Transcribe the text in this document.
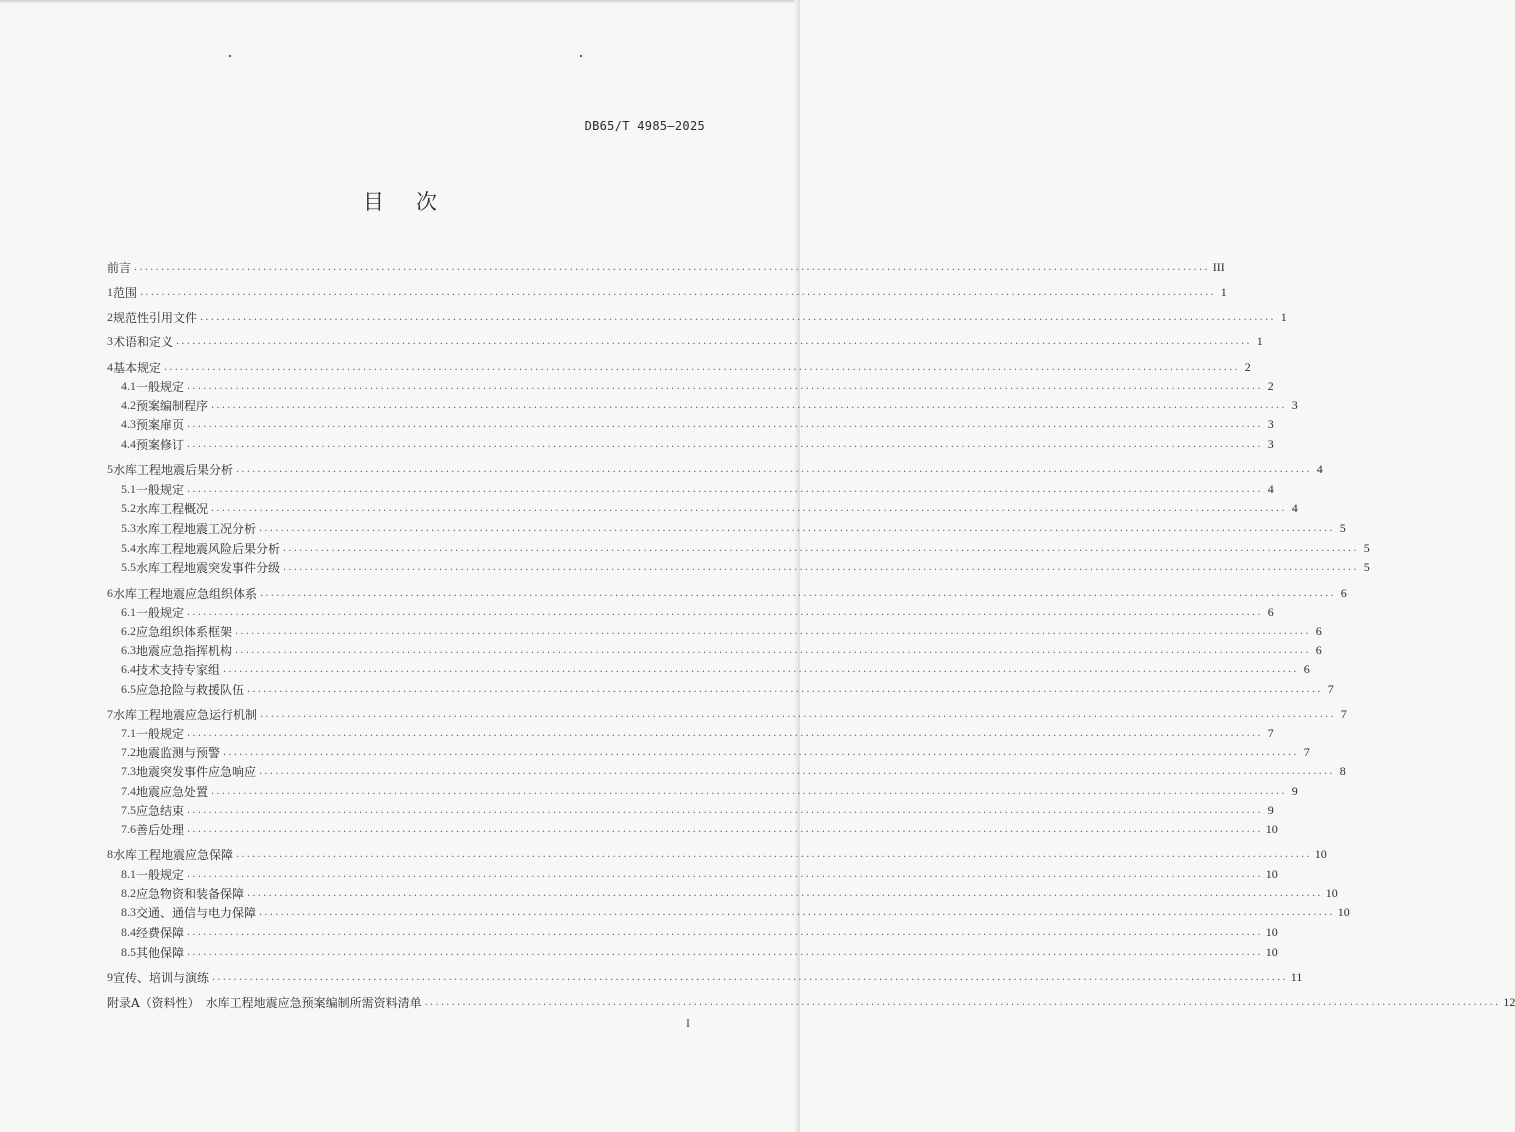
DB65/T 4985—2025
目次
前言 ........................................................................................................................................................................................................ III
1 范围 ........................................................................................................................................................................................................ 1
2 规范性引用文件 ........................................................................................................................................................................................................ 1
3 术语和定义 ........................................................................................................................................................................................................ 1
4 基本规定 ........................................................................................................................................................................................................ 2
4.1 一般规定 ........................................................................................................................................................................................................ 2
4.2 预案编制程序 ........................................................................................................................................................................................................ 3
4.3 预案扉页 ........................................................................................................................................................................................................ 3
4.4 预案修订 ........................................................................................................................................................................................................ 3
5 水库工程地震后果分析 ........................................................................................................................................................................................................ 4
5.1 一般规定 ........................................................................................................................................................................................................ 4
5.2 水库工程概况 ........................................................................................................................................................................................................ 4
5.3 水库工程地震工况分析 ........................................................................................................................................................................................................ 5
5.4 水库工程地震风险后果分析 ........................................................................................................................................................................................................ 5
5.5 水库工程地震突发事件分级 ........................................................................................................................................................................................................ 5
6 水库工程地震应急组织体系 ........................................................................................................................................................................................................ 6
6.1 一般规定 ........................................................................................................................................................................................................ 6
6.2 应急组织体系框架 ........................................................................................................................................................................................................ 6
6.3 地震应急指挥机构 ........................................................................................................................................................................................................ 6
6.4 技术支持专家组 ........................................................................................................................................................................................................ 6
6.5 应急抢险与救援队伍 ........................................................................................................................................................................................................ 7
7 水库工程地震应急运行机制 ........................................................................................................................................................................................................ 7
7.1 一般规定 ........................................................................................................................................................................................................ 7
7.2 地震监测与预警 ........................................................................................................................................................................................................ 7
7.3 地震突发事件应急响应 ........................................................................................................................................................................................................ 8
7.4 地震应急处置 ........................................................................................................................................................................................................ 9
7.5 应急结束 ........................................................................................................................................................................................................ 9
7.6 善后处理 ........................................................................................................................................................................................................ 10
8 水库工程地震应急保障 ........................................................................................................................................................................................................ 10
8.1 一般规定 ........................................................................................................................................................................................................ 10
8.2 应急物资和装备保障 ........................................................................................................................................................................................................ 10
8.3 交通、通信与电力保障 ........................................................................................................................................................................................................ 10
8.4 经费保障 ........................................................................................................................................................................................................ 10
8.5 其他保障 ........................................................................................................................................................................................................ 10
9 宣传、培训与演练 ........................................................................................................................................................................................................ 11
附录A（资料性）　水库工程地震应急预案编制所需资料清单 ........................................................................................................................................................................................................ 12
I
